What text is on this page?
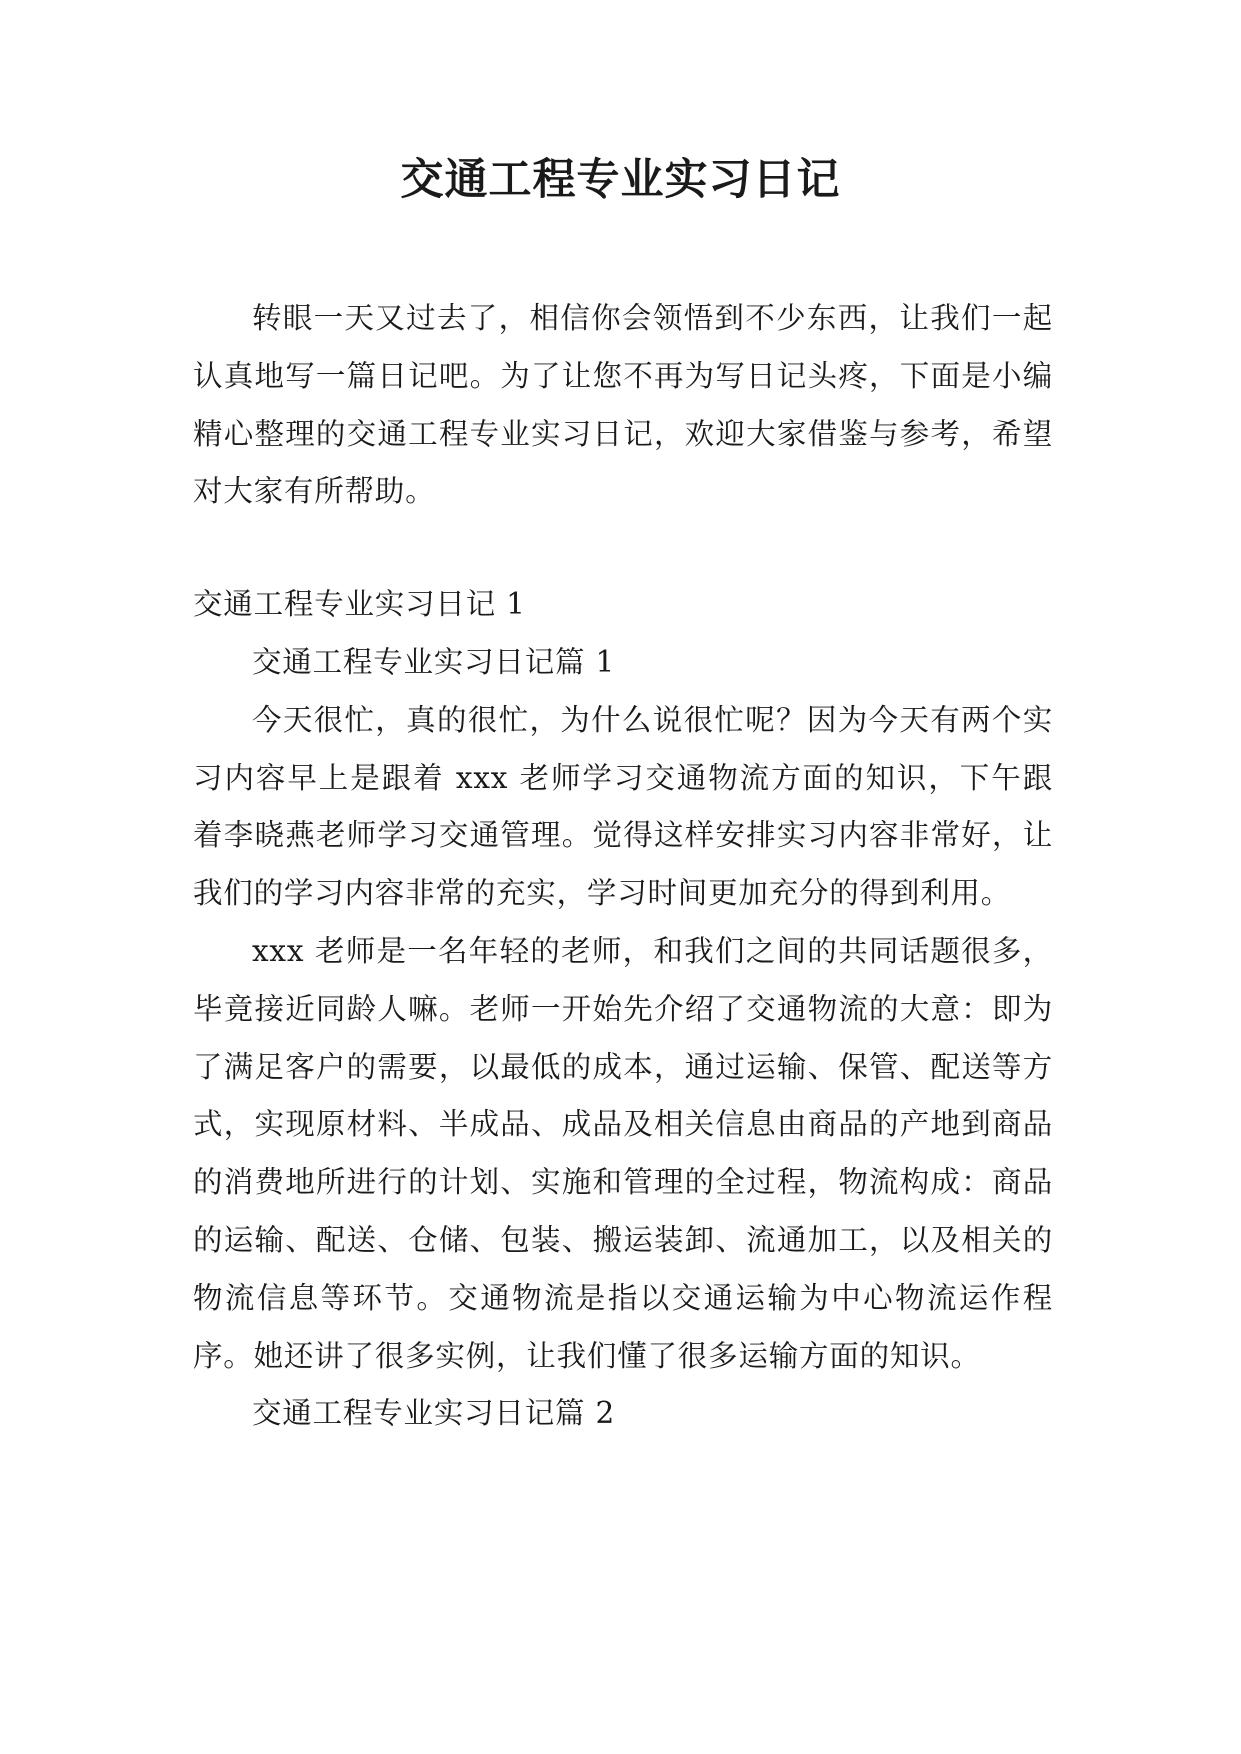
交通工程专业实习日记

转眼一天又过去了，相信你会领悟到不少东西，让我们一起认真地写一篇日记吧。为了让您不再为写日记头疼，下面是小编精心整理的交通工程专业实习日记，欢迎大家借鉴与参考，希望对大家有所帮助。

交通工程专业实习日记 1

交通工程专业实习日记篇 1

今天很忙，真的很忙，为什么说很忙呢？因为今天有两个实习内容早上是跟着 xxx 老师学习交通物流方面的知识，下午跟着李晓燕老师学习交通管理。觉得这样安排实习内容非常好，让我们的学习内容非常的充实，学习时间更加充分的得到利用。

xxx 老师是一名年轻的老师，和我们之间的共同话题很多，毕竟接近同龄人嘛。老师一开始先介绍了交通物流的大意：即为了满足客户的需要，以最低的成本，通过运输、保管、配送等方式，实现原材料、半成品、成品及相关信息由商品的产地到商品的消费地所进行的计划、实施和管理的全过程，物流构成：商品的运输、配送、仓储、包装、搬运装卸、流通加工，以及相关的物流信息等环节。交通物流是指以交通运输为中心物流运作程序。她还讲了很多实例，让我们懂了很多运输方面的知识。

交通工程专业实习日记篇 2
